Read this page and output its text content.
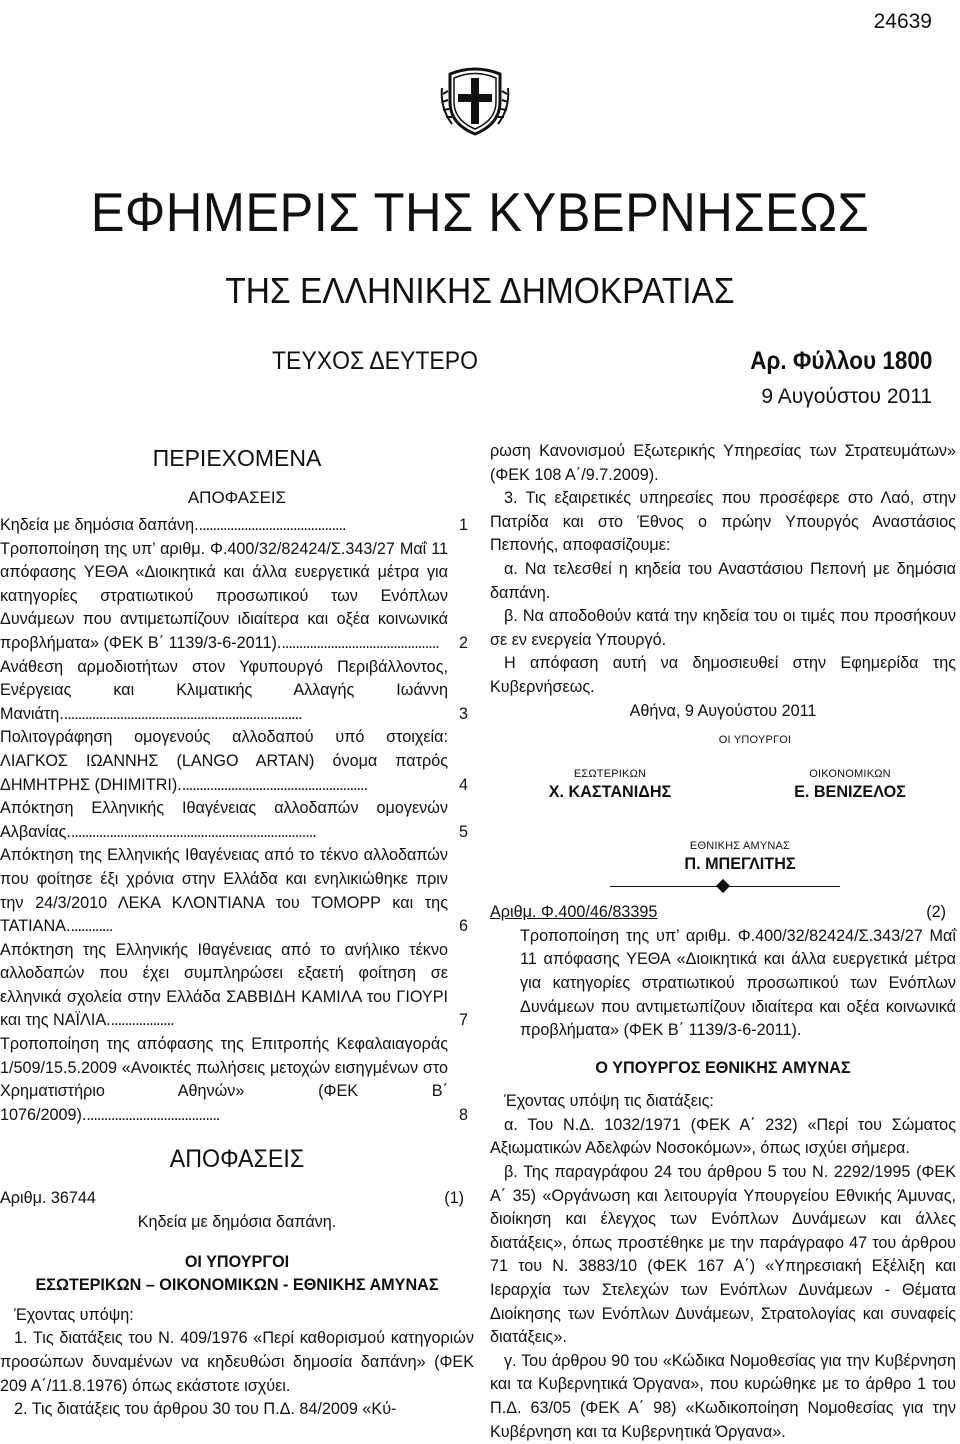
24639
ΕΦΗΜΕΡΙΣ ΤΗΣ ΚΥΒΕΡΝΗΣΕΩΣ
ΤΗΣ ΕΛΛΗΝΙΚΗΣ ΔΗΜΟΚΡΑΤΙΑΣ
ΤΕΥΧΟΣ ΔΕΥΤΕΡΟ	Αρ. Φύλλου 1800
9 Αυγούστου 2011
ΠΕΡΙΕΧΟΜΕΝΑ
ΑΠΟΦΑΣΕΙΣ

Κηδεία με δημόσια δαπάνη...........................................	1

Τροποποίηση της υπ’ αριθμ. Φ.400/32/82424/Σ.343/27 Μαΐ 11 απόφασης ΥΕΘΑ «Διοικητικά και άλλα ευεργετικά μέτρα για κατηγορίες στρατιωτικού προσωπικού των Ενόπλων Δυνάμεων που αντιμετωπίζουν ιδιαίτερα και οξέα κοινωνικά προβλήματα» (ΦΕΚ Β΄ 1139/3-6-2011).............................................. 2

Ανάθεση αρμοδιοτήτων στον Υφυπουργό Περιβάλλοντος, Ενέργειας και Κλιματικής Αλλαγής Ιωάννη Μανιάτη.....................................................................	3

Πολιτογράφηση ομογενούς αλλοδαπού υπό στοιχεία: ΛΙΑΓΚΟΣ ΙΩΑΝΝΗΣ (LANGO ARTAN) όνομα πατρός ΔΗΜΗΤΡΗΣ (DHIMITRI)......................................................	4

Απόκτηση Ελληνικής Ιθαγένειας αλλοδαπών ομογενών Αλβανίας.......................................................................	5

Απόκτηση της Ελληνικής Ιθαγένειας από το τέκνο αλλοδαπών που φοίτησε έξι χρόνια στην Ελλάδα και ενηλικιώθηκε πριν την 24/3/2010 ΛΕΚΑ ΚΛΟΝΤΙΑΝΑ του ΤΟΜΟΡΡ και της ΤΑΤΙΑΝΑ.............	6

Απόκτηση της Ελληνικής Ιθαγένειας από το ανήλικο τέκνο αλλοδαπών που έχει συμπληρώσει εξαετή φοίτηση σε ελληνικά σχολεία στην Ελλάδα ΣΑΒΒΙΔΗ ΚΑΜΙΛΑ του ΓΙΟΥΡΙ και της ΝΑΪΛΙΑ...................	7

Τροποποίηση της απόφασης της Επιτροπής Κεφαλαιαγοράς 1/509/15.5.2009 «Ανοικτές πωλήσεις μετοχών εισηγμένων στο Χρηματιστήριο Αθηνών» (ΦΕΚ Β΄ 1076/2009).......................................	8

ΑΠΟΦΑΣΕΙΣ
Αριθμ. 36744	(1)

Κηδεία με δημόσια δαπάνη.

ΟΙ ΥΠΟΥΡΓΟΙ

ΕΣΩΤΕΡΙΚΩΝ – ΟΙΚΟΝΟΜΙΚΩΝ - ΕΘΝΙΚΗΣ ΑΜΥΝΑΣ

Έχοντας υπόψη:

1. Τις διατάξεις του Ν. 409/1976 «Περί καθορισμού κατηγοριών προσώπων δυναμένων να κηδευθώσι δημοσία δαπάνη» (ΦΕΚ 209 Α΄/11.8.1976) όπως εκάστοτε ισχύει.

2. Τις διατάξεις του άρθρου 30 του Π.Δ. 84/2009 «Κύ-

ρωση Κανονισμού Εξωτερικής Υπηρεσίας των Στρατευμάτων» (ΦΕΚ 108 Α΄/9.7.2009).

3. Τις εξαιρετικές υπηρεσίες που προσέφερε στο Λαό, στην Πατρίδα και στο Έθνος ο πρώην Υπουργός Αναστάσιος Πεπονής, αποφασίζουμε:

α. Να τελεσθεί η κηδεία του Αναστάσιου Πεπονή με δημόσια δαπάνη.

β. Να αποδοθούν κατά την κηδεία του οι τιμές που προσήκουν σε εν ενεργεία Υπουργό.

Η απόφαση αυτή να δημοσιευθεί στην Εφημερίδα της Κυβερνήσεως.

Αθήνα, 9 Αυγούστου 2011

ΟΙ ΥΠΟΥΡΓΟΙ
ΕΣΩΤΕΡΙΚΩΝ
Χ. ΚΑΣΤΑΝΙΔΗΣ
ΟΙΚΟΝΟΜΙΚΩΝ
Ε. ΒΕΝΙΖΕΛΟΣ
ΕΘΝΙΚΗΣ ΑΜΥΝΑΣ
Π. ΜΠΕΓΛΙΤΗΣ
Αριθμ. Φ.400/46/83395	(2)

Τροποποίηση της υπ’ αριθμ. Φ.400/32/82424/Σ.343/27 Μαΐ 11 απόφασης ΥΕΘΑ «Διοικητικά και άλλα ευεργετικά μέτρα για κατηγορίες στρατιωτικού προσωπικού των Ενόπλων Δυνάμεων που αντιμετωπίζουν ιδιαίτερα και οξέα κοινωνικά προβλήματα» (ΦΕΚ Β΄ 1139/3-6-2011).

Ο ΥΠΟΥΡΓΟΣ ΕΘΝΙΚΗΣ ΑΜΥΝΑΣ

Έχοντας υπόψη τις διατάξεις:

α. Του Ν.Δ. 1032/1971 (ΦΕΚ Α΄ 232) «Περί του Σώματος Αξιωματικών Αδελφών Νοσοκόμων», όπως ισχύει σήμερα.

β. Της παραγράφου 24 του άρθρου 5 του Ν. 2292/1995 (ΦΕΚ Α΄ 35) «Οργάνωση και λειτουργία Υπουργείου Εθνικής Άμυνας, διοίκηση και έλεγχος των Ενόπλων Δυνάμεων και άλλες διατάξεις», όπως προστέθηκε με την παράγραφο 47 του άρθρου 71 του Ν. 3883/10 (ΦΕΚ 167 Α΄) «Υπηρεσιακή Εξέλιξη και Ιεραρχία των Στελεχών των Ενόπλων Δυνάμεων - Θέματα Διοίκησης των Ενόπλων Δυνάμεων, Στρατολογίας και συναφείς διατάξεις».

γ. Του άρθρου 90 του «Κώδικα Νομοθεσίας για την Κυβέρνηση και τα Κυβερνητικά Όργανα», που κυρώθηκε με το άρθρο 1 του Π.Δ. 63/05 (ΦΕΚ Α΄ 98) «Κωδικοποίηση Νομοθεσίας για την Κυβέρνηση και τα Κυβερνητικά Όργανα».
